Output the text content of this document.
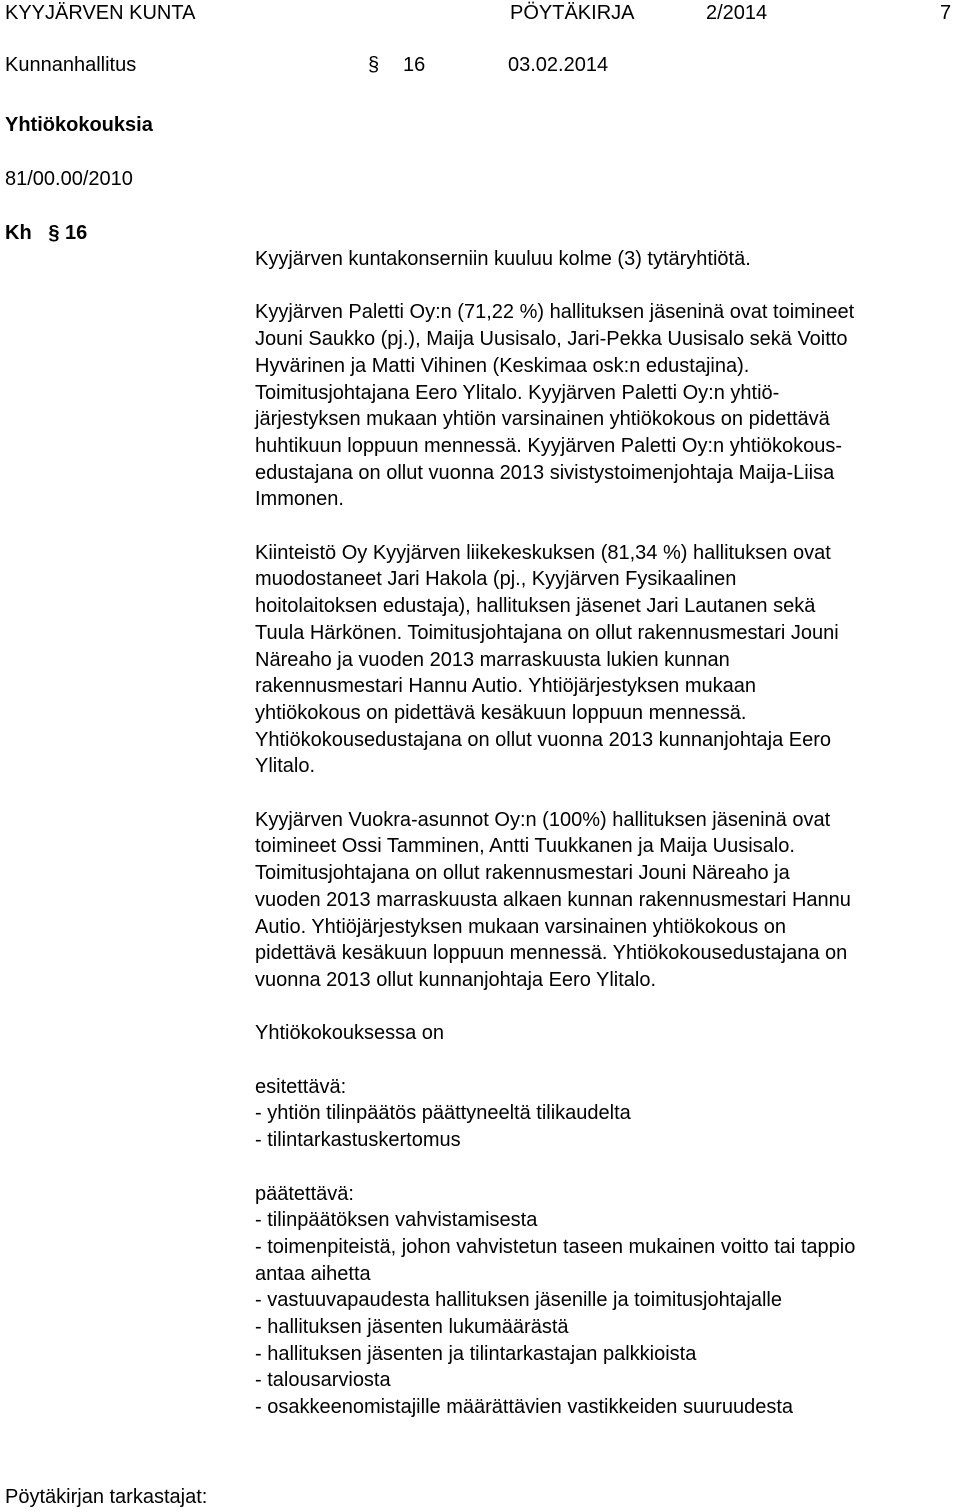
KYYJÄRVEN KUNTA	PÖYTÄKIRJA	2/2014	7
Kunnanhallitus	§ 16	03.02.2014
Yhtiökokouksia
81/00.00/2010
Kh § 16

Kyyjärven kuntakonserniin kuuluu kolme (3) tytäryhtiötä.

Kyyjärven Paletti Oy:n (71,22 %) hallituksen jäseninä ovat toimineet

Jouni Saukko (pj.), Maija Uusisalo, Jari-Pekka Uusisalo sekä Voitto

Hyvärinen ja Matti Vihinen (Keskimaa osk:n edustajina).

Toimitusjohtajana Eero Ylitalo. Kyyjärven Paletti Oy:n yhtiö-

järjestyksen mukaan yhtiön varsinainen yhtiökokous on pidettävä

huhtikuun loppuun mennessä. Kyyjärven Paletti Oy:n yhtiökokous-

edustajana on ollut vuonna 2013 sivistystoimenjohtaja Maija-Liisa

Immonen.

Kiinteistö Oy Kyyjärven liikekeskuksen (81,34 %) hallituksen ovat

muodostaneet Jari Hakola (pj., Kyyjärven Fysikaalinen

hoitolaitoksen edustaja), hallituksen jäsenet Jari Lautanen sekä

Tuula Härkönen. Toimitusjohtajana on ollut rakennusmestari Jouni

Näreaho ja vuoden 2013 marraskuusta lukien kunnan

rakennusmestari Hannu Autio. Yhtiöjärjestyksen mukaan

yhtiökokous on pidettävä kesäkuun loppuun mennessä.

Yhtiökokousedustajana on ollut vuonna 2013 kunnanjohtaja Eero

Ylitalo.

Kyyjärven Vuokra-asunnot Oy:n (100%) hallituksen jäseninä ovat

toimineet Ossi Tamminen, Antti Tuukkanen ja Maija Uusisalo.

Toimitusjohtajana on ollut rakennusmestari Jouni Näreaho ja

vuoden 2013 marraskuusta alkaen kunnan rakennusmestari Hannu

Autio. Yhtiöjärjestyksen mukaan varsinainen yhtiökokous on

pidettävä kesäkuun loppuun mennessä. Yhtiökokousedustajana on

vuonna 2013 ollut kunnanjohtaja Eero Ylitalo.

Yhtiökokouksessa on

esitettävä:

- yhtiön tilinpäätös päättyneeltä tilikaudelta
- tilintarkastuskertomus

päätettävä:

- tilinpäätöksen vahvistamisesta
- toimenpiteistä, johon vahvistetun taseen mukainen voitto tai tappio
antaa aihetta
- vastuuvapaudesta hallituksen jäsenille ja toimitusjohtajalle
- hallituksen jäsenten lukumäärästä
- hallituksen jäsenten ja tilintarkastajan palkkioista
- talousarviosta
- osakkeenomistajille määrättävien vastikkeiden suuruudesta
Pöytäkirjan tarkastajat:
